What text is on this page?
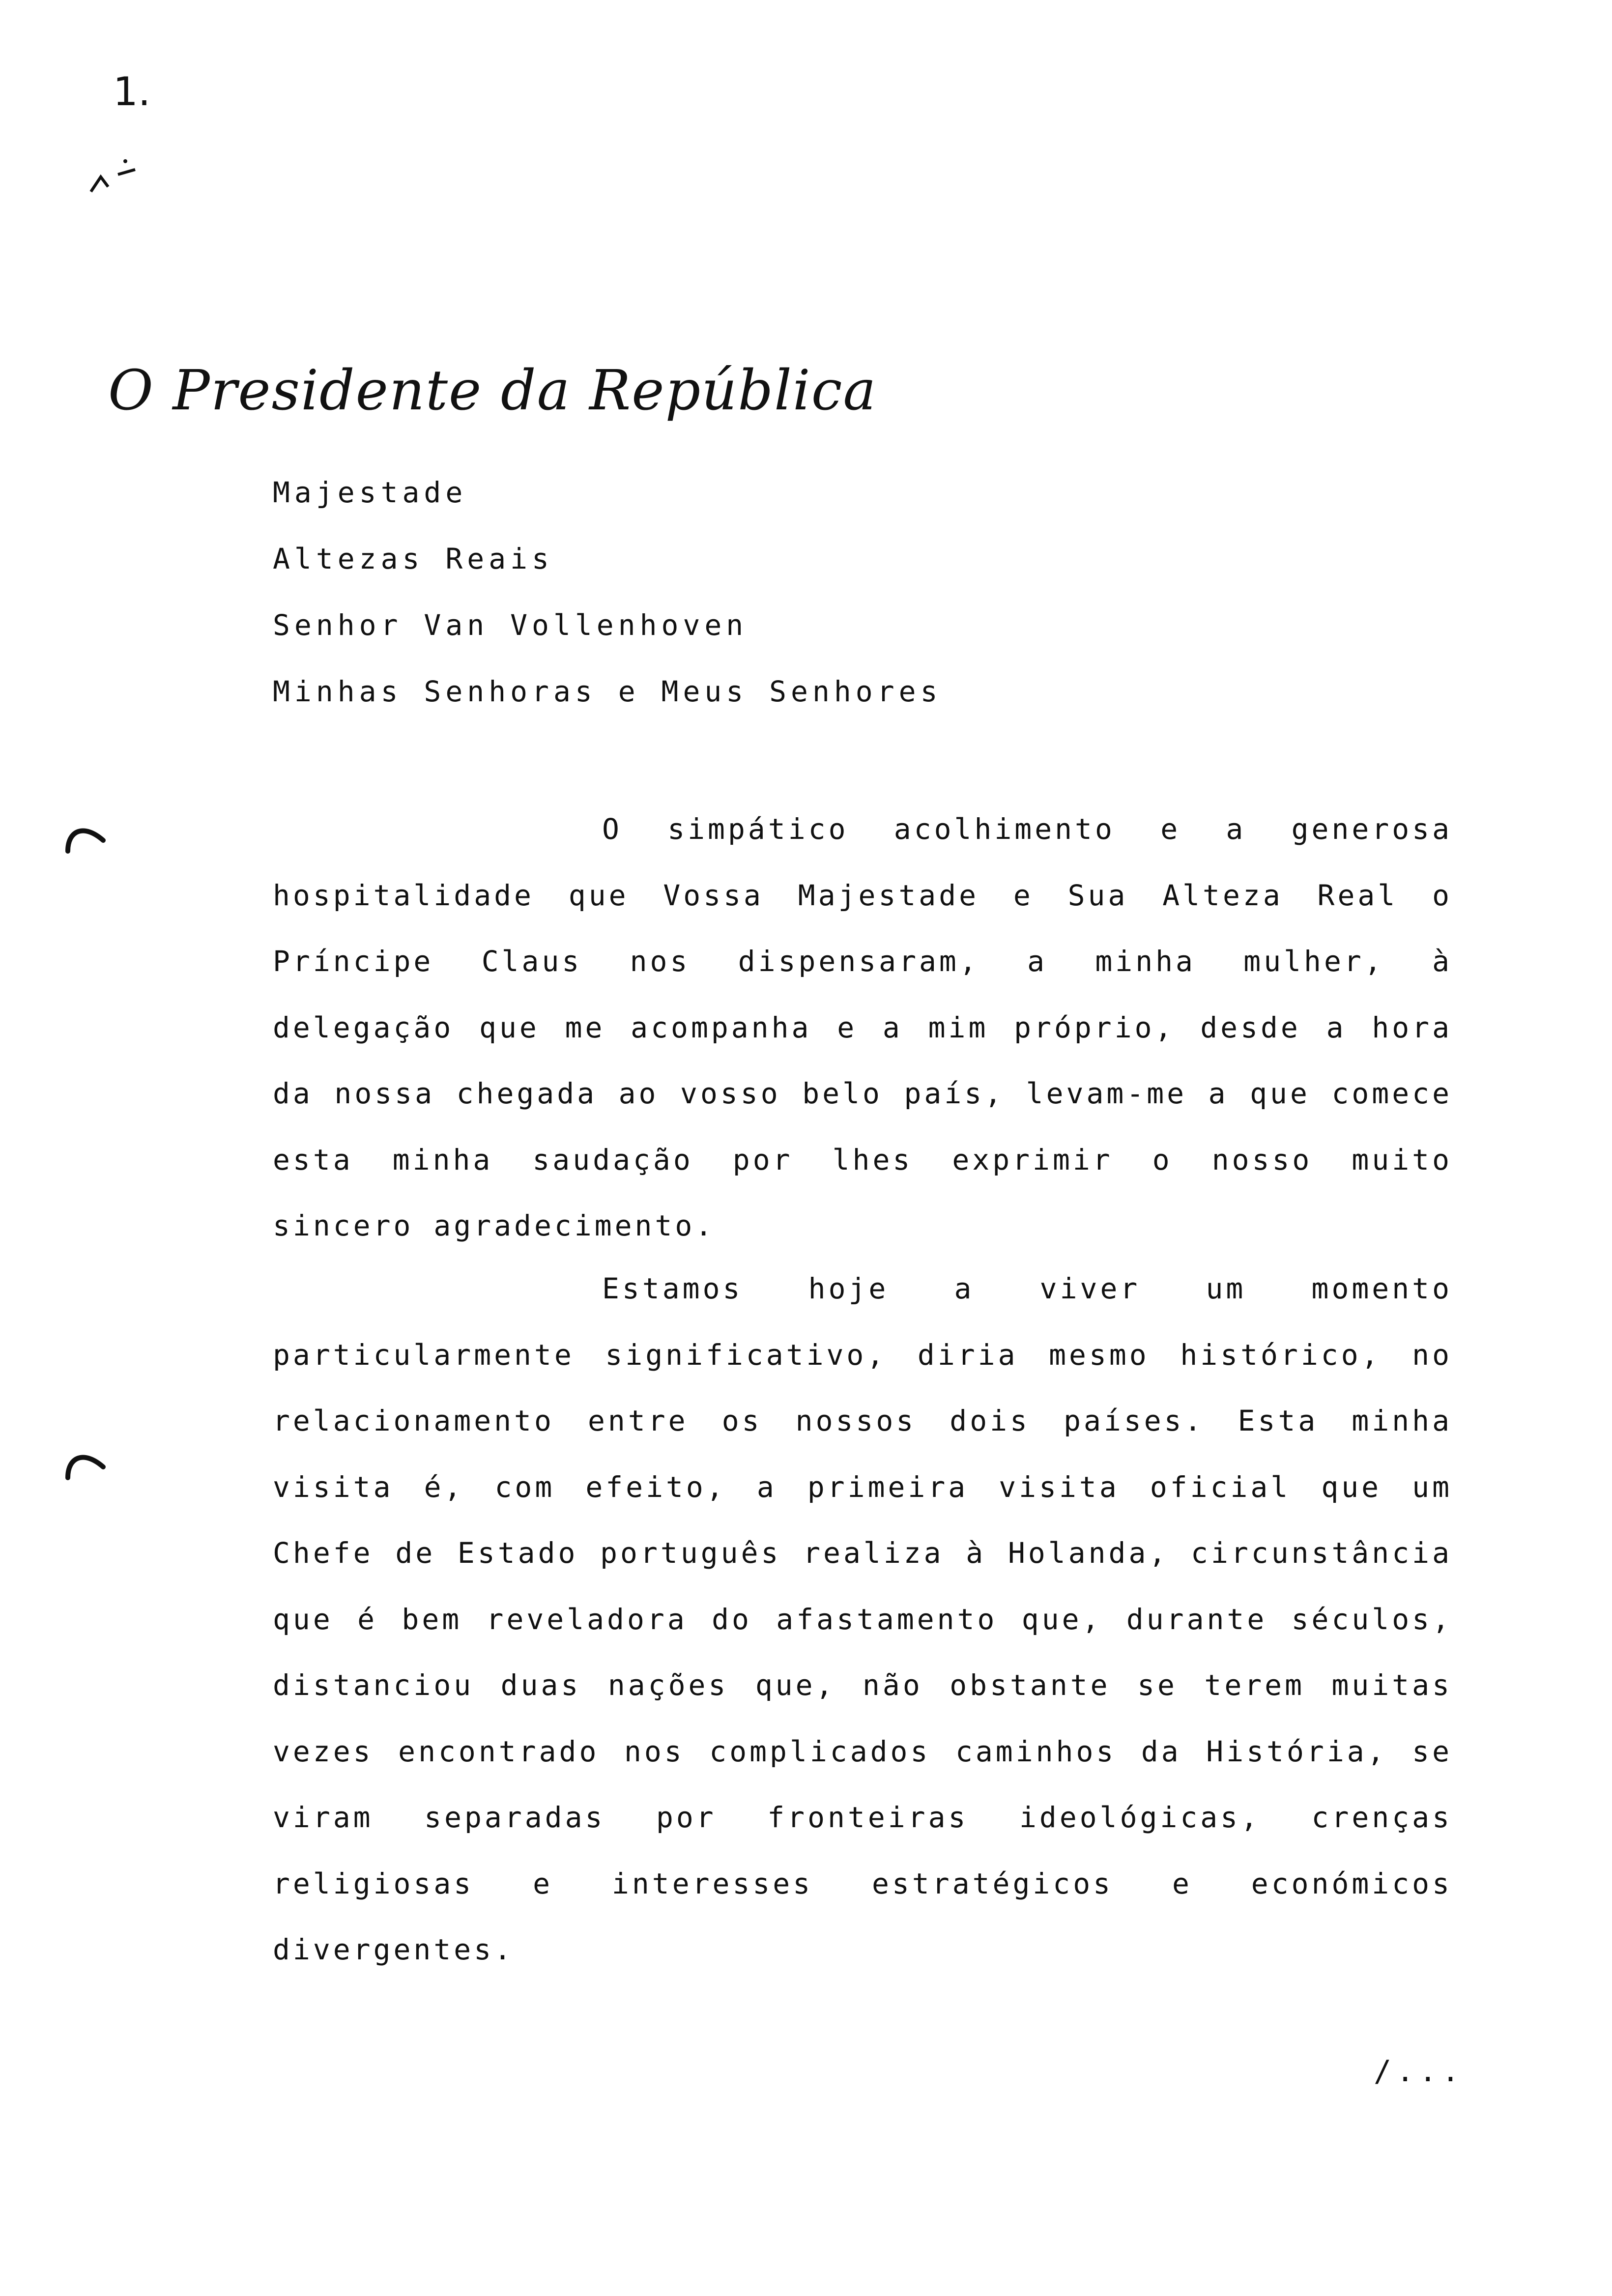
1.
O Presidente da República
Majestade
Altezas Reais
Senhor Van Vollenhoven
Minhas Senhoras e Meus Senhores
O simpático acolhimento e a generosa hospitalidade que Vossa Majestade e Sua Alteza Real o Príncipe Claus nos dispensaram, a minha mulher, à delegação que me acompanha e a mim próprio, desde a hora da nossa chegada ao vosso belo país, levam-me a que comece esta minha saudação por lhes exprimir o nosso muito sincero agradecimento.
Estamos hoje a viver um momento particularmente significativo, diria mesmo histórico, no relacionamento entre os nossos dois países. Esta minha visita é, com efeito, a primeira visita oficial que um Chefe de Estado português realiza à Holanda, circunstância que é bem reveladora do afastamento que, durante séculos, distanciou duas nações que, não obstante se terem muitas vezes encontrado nos complicados caminhos da História, se viram separadas por fronteiras ideológicas, crenças religiosas e interesses estratégicos e económicos divergentes.
/...
